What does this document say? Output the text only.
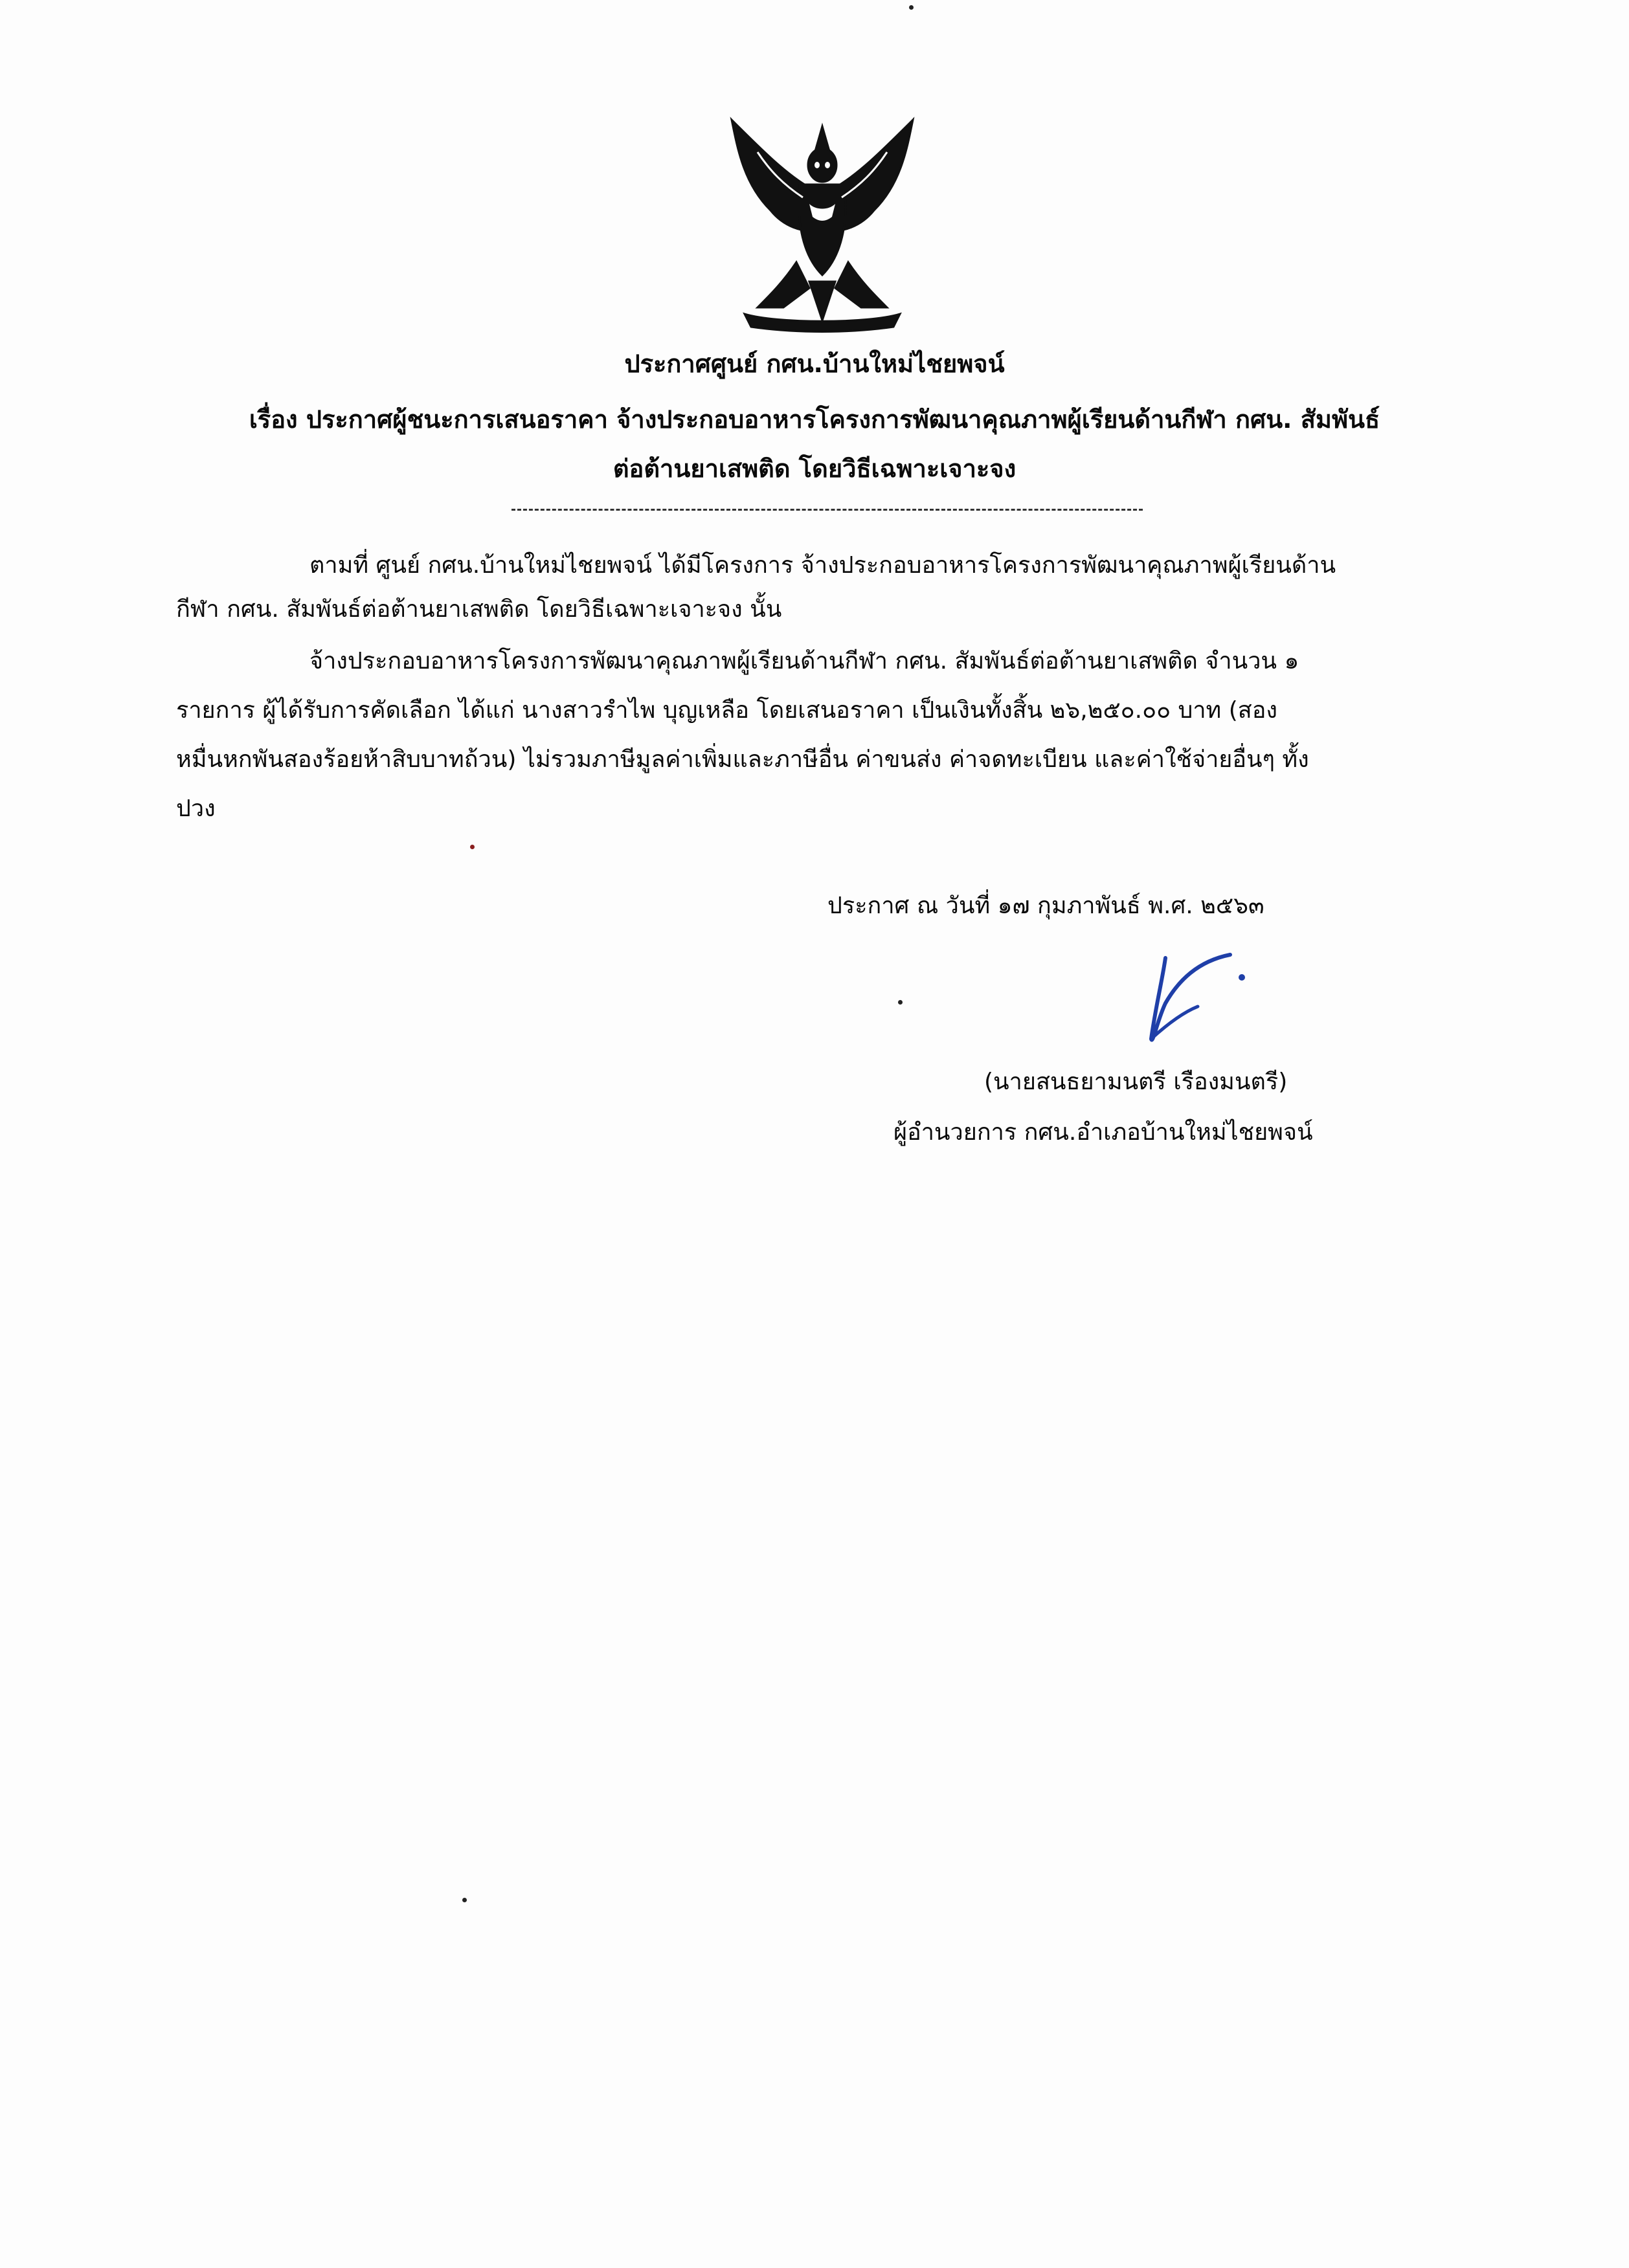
ประกาศศูนย์ กศน.บ้านใหม่ไชยพจน์
เรื่อง ประกาศผู้ชนะการเสนอราคา จ้างประกอบอาหารโครงการพัฒนาคุณภาพผู้เรียนด้านกีฬา กศน. สัมพันธ์
ต่อต้านยาเสพติด โดยวิธีเฉพาะเจาะจง
ตามที่ ศูนย์ กศน.บ้านใหม่ไชยพจน์ ได้มีโครงการ จ้างประกอบอาหารโครงการพัฒนาคุณภาพผู้เรียนด้าน
กีฬา กศน. สัมพันธ์ต่อต้านยาเสพติด โดยวิธีเฉพาะเจาะจง นั้น
จ้างประกอบอาหารโครงการพัฒนาคุณภาพผู้เรียนด้านกีฬา กศน. สัมพันธ์ต่อต้านยาเสพติด จำนวน ๑
รายการ ผู้ได้รับการคัดเลือก ได้แก่ นางสาวรำไพ บุญเหลือ โดยเสนอราคา เป็นเงินทั้งสิ้น ๒๖,๒๕๐.๐๐ บาท (สอง
หมื่นหกพันสองร้อยห้าสิบบาทถ้วน) ไม่รวมภาษีมูลค่าเพิ่มและภาษีอื่น ค่าขนส่ง ค่าจดทะเบียน และค่าใช้จ่ายอื่นๆ ทั้ง
ปวง
ประกาศ ณ วันที่ ๑๗ กุมภาพันธ์ พ.ศ. ๒๕๖๓
(นายสนธยามนตรี เรืองมนตรี)
ผู้อำนวยการ กศน.อำเภอบ้านใหม่ไชยพจน์
